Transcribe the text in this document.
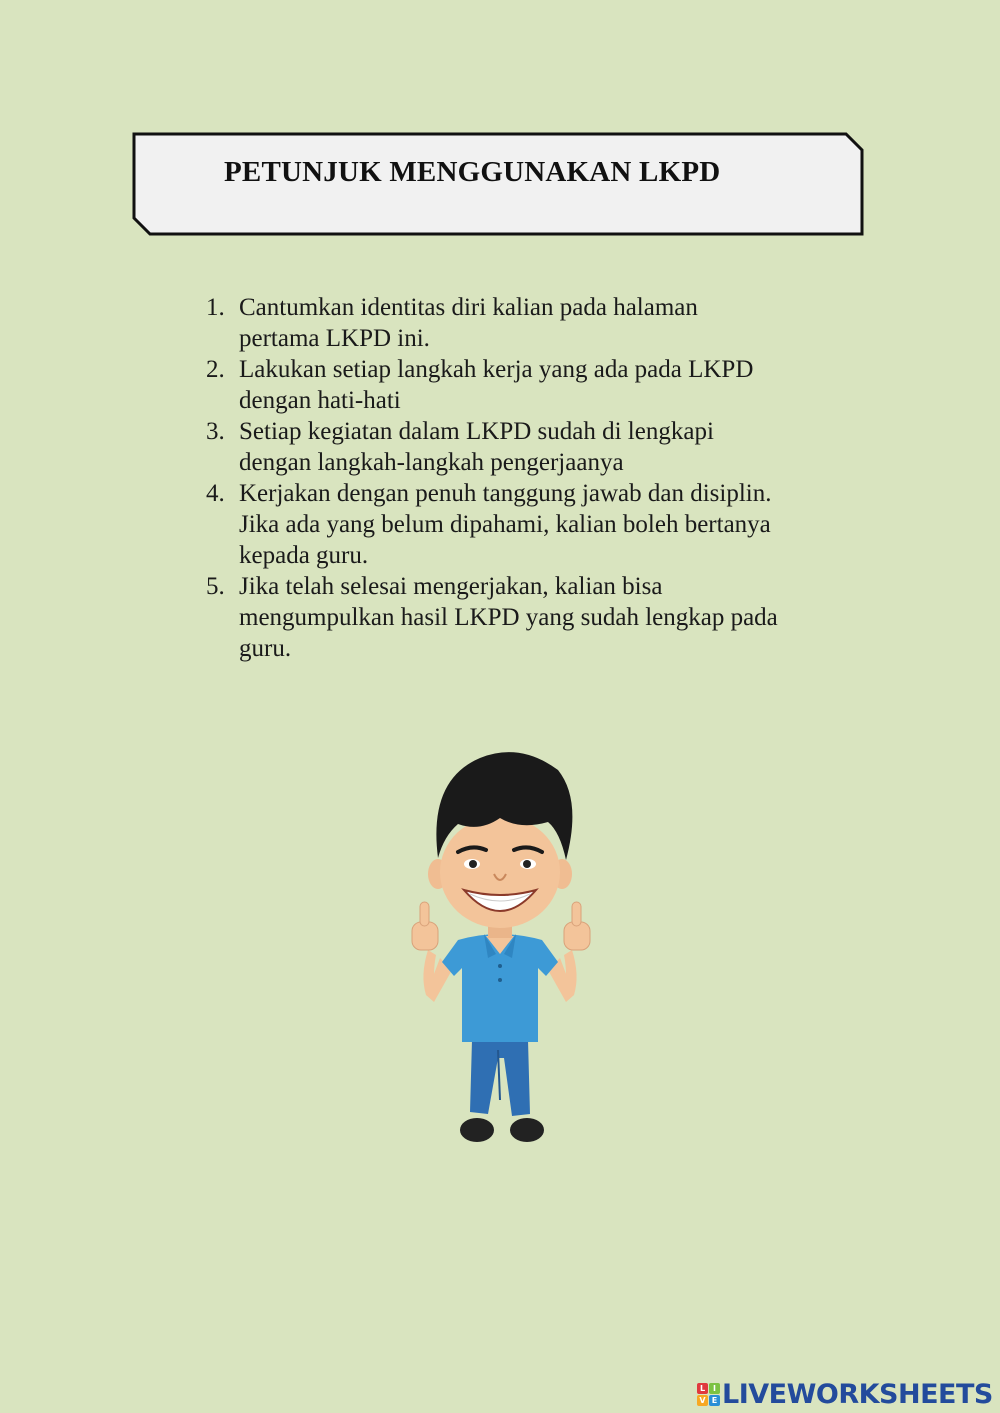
PETUNJUK MENGGUNAKAN LKPD
1. Cantumkan identitas diri kalian pada halaman
pertama LKPD ini.
2. Lakukan setiap langkah kerja yang ada pada LKPD
dengan hati-hati
3. Setiap kegiatan dalam LKPD sudah di lengkapi
dengan langkah-langkah pengerjaanya
4. Kerjakan dengan penuh tanggung jawab dan disiplin.
Jika ada yang belum dipahami, kalian boleh bertanya
kepada guru.
5. Jika telah selesai mengerjakan, kalian bisa
mengumpulkan hasil LKPD yang sudah lengkap pada
guru.
L I
V E LIVEWORKSHEETS
